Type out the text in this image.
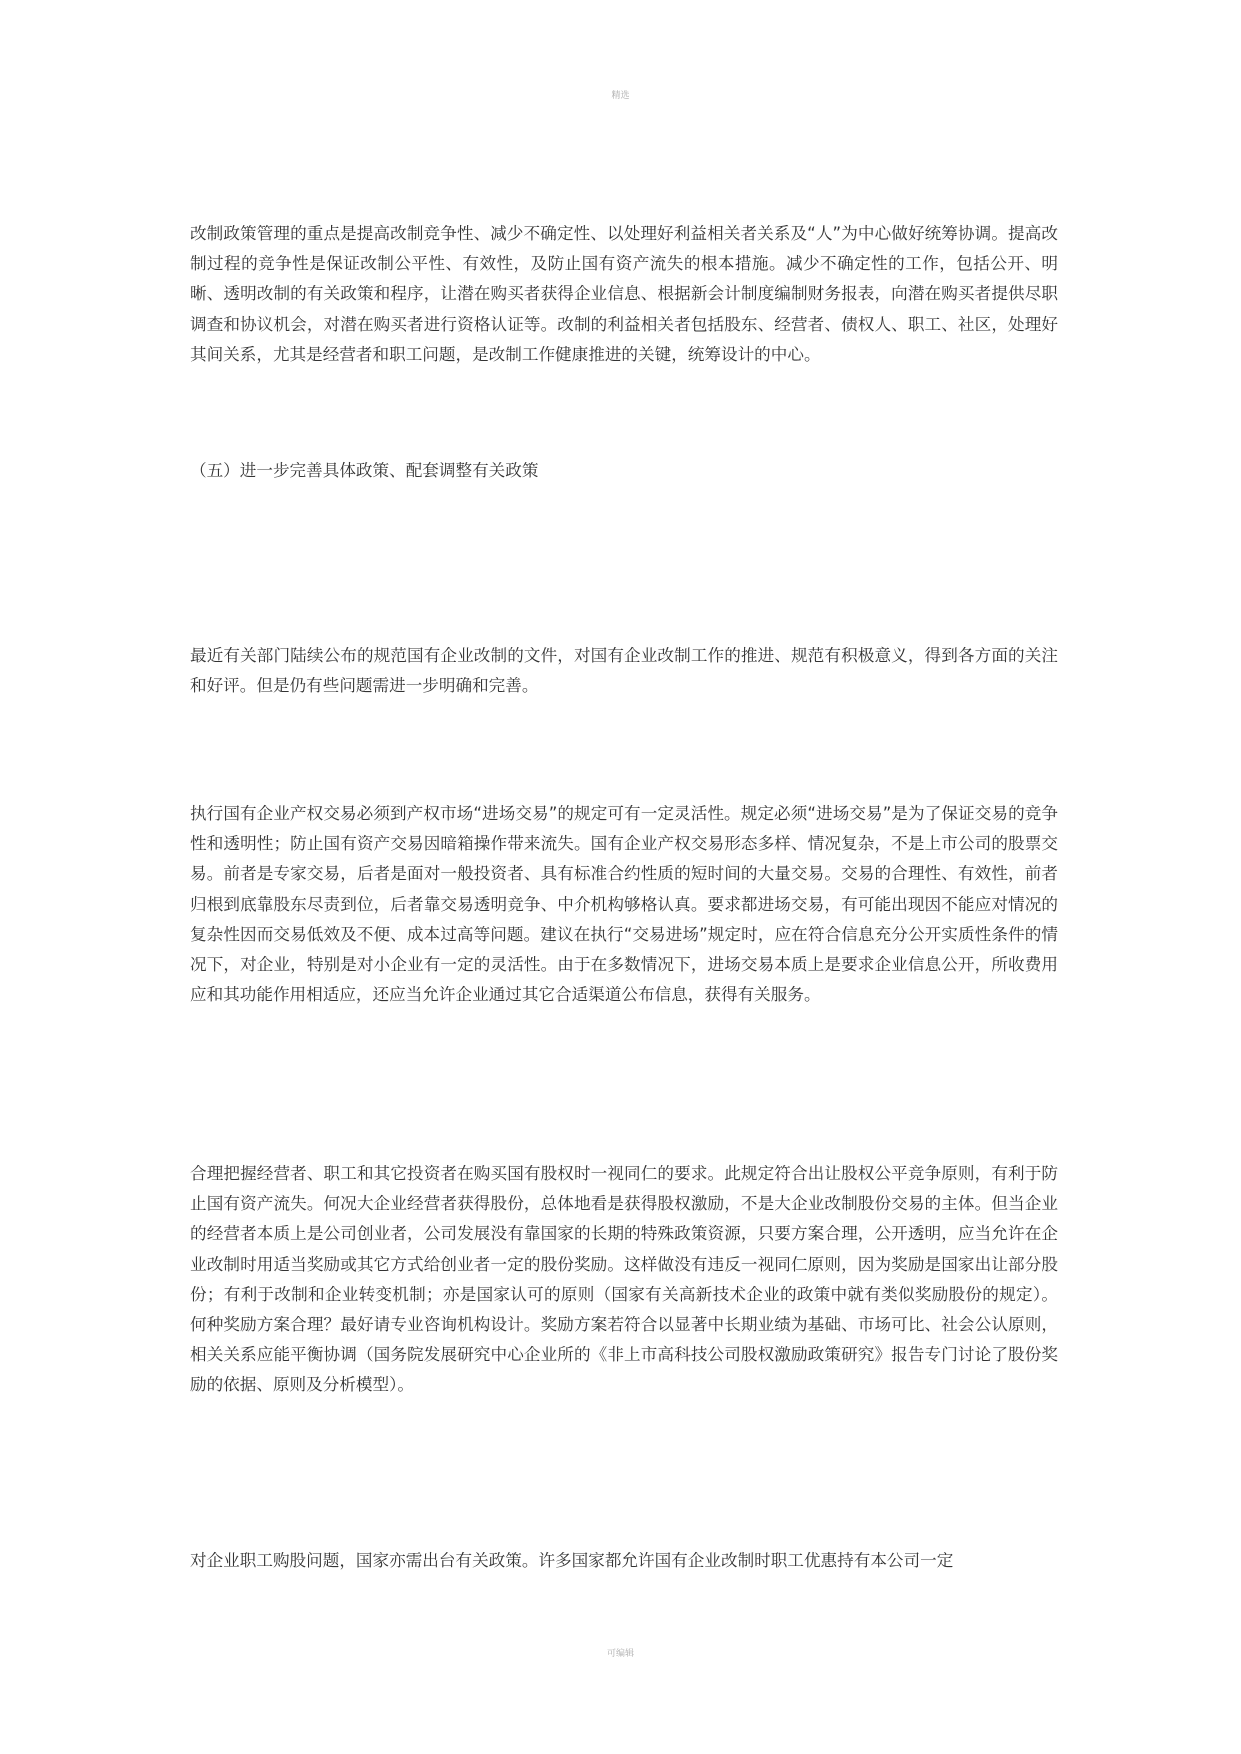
精选

改制政策管理的重点是提高改制竞争性、减少不确定性、以处理好利益相关者关系及“人”为中心做好统筹协调。提高改制过程的竞争性是保证改制公平性、有效性，及防止国有资产流失的根本措施。减少不确定性的工作，包括公开、明晰、透明改制的有关政策和程序，让潜在购买者获得企业信息、根据新会计制度编制财务报表，向潜在购买者提供尽职调查和协议机会，对潜在购买者进行资格认证等。改制的利益相关者包括股东、经营者、债权人、职工、社区，处理好其间关系，尤其是经营者和职工问题，是改制工作健康推进的关键，统筹设计的中心。

（五）进一步完善具体政策、配套调整有关政策

最近有关部门陆续公布的规范国有企业改制的文件，对国有企业改制工作的推进、规范有积极意义，得到各方面的关注和好评。但是仍有些问题需进一步明确和完善。

执行国有企业产权交易必须到产权市场“进场交易”的规定可有一定灵活性。规定必须“进场交易”是为了保证交易的竞争性和透明性；防止国有资产交易因暗箱操作带来流失。国有企业产权交易形态多样、情况复杂，不是上市公司的股票交易。前者是专家交易，后者是面对一般投资者、具有标准合约性质的短时间的大量交易。交易的合理性、有效性，前者归根到底靠股东尽责到位，后者靠交易透明竞争、中介机构够格认真。要求都进场交易，有可能出现因不能应对情况的复杂性因而交易低效及不便、成本过高等问题。建议在执行“交易进场”规定时，应在符合信息充分公开实质性条件的情况下，对企业，特别是对小企业有一定的灵活性。由于在多数情况下，进场交易本质上是要求企业信息公开，所收费用应和其功能作用相适应，还应当允许企业通过其它合适渠道公布信息，获得有关服务。

合理把握经营者、职工和其它投资者在购买国有股权时一视同仁的要求。此规定符合出让股权公平竞争原则，有利于防止国有资产流失。何况大企业经营者获得股份，总体地看是获得股权激励，不是大企业改制股份交易的主体。但当企业的经营者本质上是公司创业者，公司发展没有靠国家的长期的特殊政策资源，只要方案合理，公开透明，应当允许在企业改制时用适当奖励或其它方式给创业者一定的股份奖励。这样做没有违反一视同仁原则，因为奖励是国家出让部分股份；有利于改制和企业转变机制；亦是国家认可的原则（国家有关高新技术企业的政策中就有类似奖励股份的规定）。何种奖励方案合理？最好请专业咨询机构设计。奖励方案若符合以显著中长期业绩为基础、市场可比、社会公认原则，相关关系应能平衡协调（国务院发展研究中心企业所的《非上市高科技公司股权激励政策研究》报告专门讨论了股份奖励的依据、原则及分析模型）。

对企业职工购股问题，国家亦需出台有关政策。许多国家都允许国有企业改制时职工优惠持有本公司一定

可编辑
